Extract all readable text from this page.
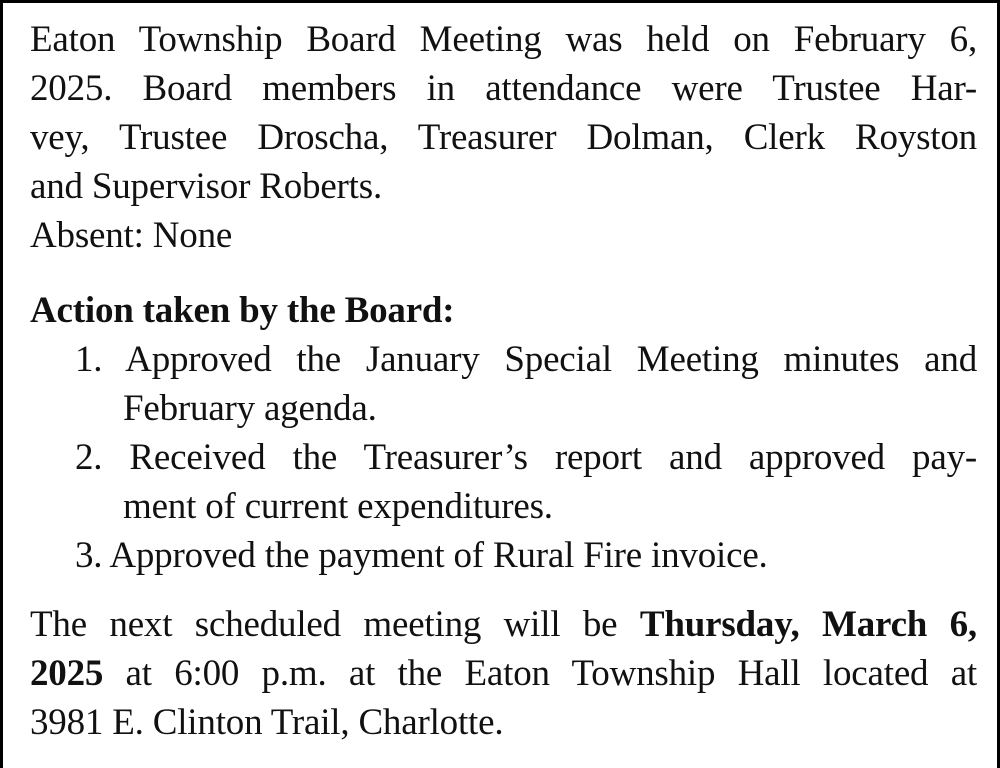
Eaton Township Board Meeting was held on February 6,
2025. Board members in attendance were Trustee Har-
vey, Trustee Droscha, Treasurer Dolman, Clerk Royston
and Supervisor Roberts.
Absent: None
Action taken by the Board:
1. Approved the January Special Meeting minutes and
February agenda.
2. Received the Treasurer’s report and approved pay-
ment of current expenditures.
3. Approved the payment of Rural Fire invoice.
The next scheduled meeting will be Thursday, March 6,
2025 at 6:00 p.m. at the Eaton Township Hall located at
3981 E. Clinton Trail, Charlotte.
